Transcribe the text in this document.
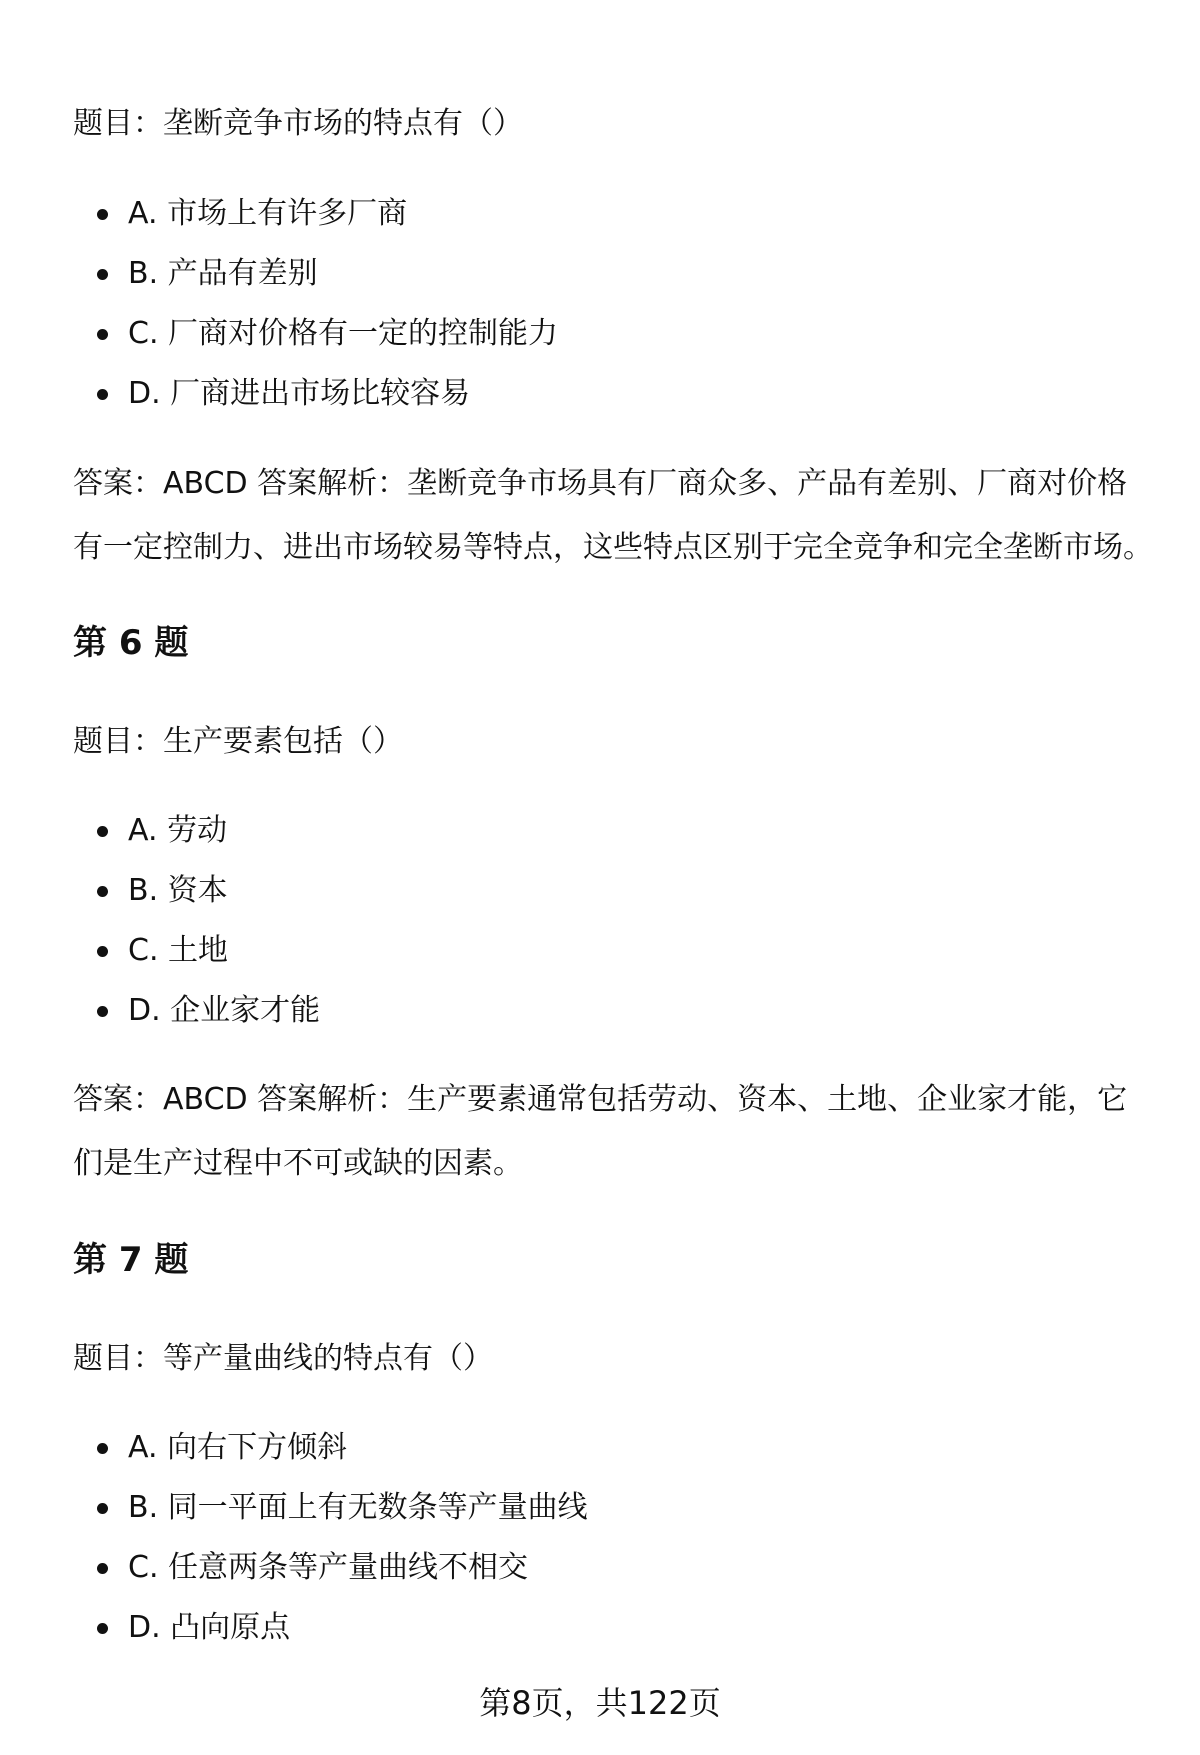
题目：垄断竞争市场的特点有（）

A. 市场上有许多厂商
B. 产品有差别
C. 厂商对价格有一定的控制能力
D. 厂商进出市场比较容易

答案：ABCD 答案解析：垄断竞争市场具有厂商众多、产品有差别、厂商对价格有一定控制力、进出市场较易等特点，这些特点区别于完全竞争和完全垄断市场。

第 6 题

题目：生产要素包括（）

A. 劳动
B. 资本
C. 土地
D. 企业家才能

答案：ABCD 答案解析：生产要素通常包括劳动、资本、土地、企业家才能，它们是生产过程中不可或缺的因素。

第 7 题

题目：等产量曲线的特点有（）

A. 向右下方倾斜
B. 同一平面上有无数条等产量曲线
C. 任意两条等产量曲线不相交
D. 凸向原点
第8页，共122页
